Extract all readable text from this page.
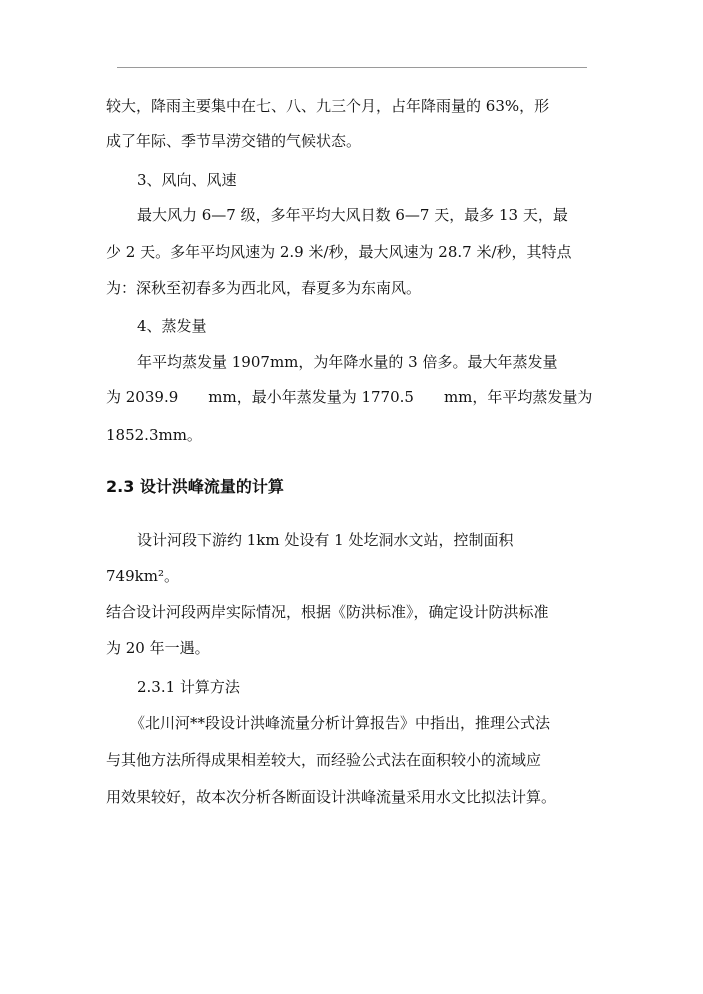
较大，降雨主要集中在七、八、九三个月，占年降雨量的 63%，形
成了年际、季节旱涝交错的气候状态。
3、风向、风速
最大风力 6—7 级，多年平均大风日数 6—7 天，最多 13 天，最
少 2 天。多年平均风速为 2.9 米/秒，最大风速为 28.7 米/秒，其特点
为：深秋至初春多为西北风，春夏多为东南风。
4、蒸发量
年平均蒸发量 1907mm，为年降水量的 3 倍多。最大年蒸发量
为 2039.9　　mm，最小年蒸发量为 1770.5　　mm，年平均蒸发量为
1852.3mm。
2.3 设计洪峰流量的计算
设计河段下游约 1km 处设有 1 处圪洞水文站，控制面积
749km²。
结合设计河段两岸实际情况，根据《防洪标准》，确定设计防洪标准
为 20 年一遇。
2.3.1 计算方法
《北川河**段设计洪峰流量分析计算报告》中指出，推理公式法
与其他方法所得成果相差较大，而经验公式法在面积较小的流域应
用效果较好，故本次分析各断面设计洪峰流量采用水文比拟法计算。
